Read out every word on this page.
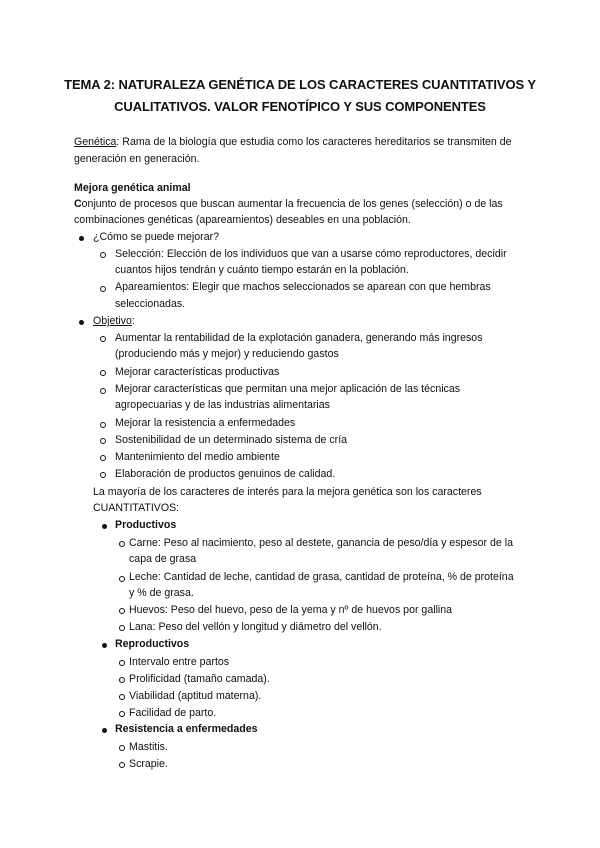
TEMA 2: NATURALEZA GENÉTICA DE LOS CARACTERES CUANTITATIVOS Y
CUALITATIVOS. VALOR FENOTÍPICO Y SUS COMPONENTES
Genética: Rama de la biología que estudia como los caracteres hereditarios se transmiten de
generación en generación.
Mejora genética animal
Conjunto de procesos que buscan aumentar la frecuencia de los genes (selección) o de las
combinaciones genéticas (apareamientos) deseables en una población.
¿Cómo se puede mejorar?
Selección: Elección de los individuos que van a usarse cómo reproductores, decidir
cuantos hijos tendrán y cuánto tiempo estarán en la población.
Apareamientos: Elegir que machos seleccionados se aparean con que hembras
seleccionadas.
Objetivo:
Aumentar la rentabilidad de la explotación ganadera, generando más ingresos
(produciendo más y mejor) y reduciendo gastos
Mejorar características productivas
Mejorar características que permitan una mejor aplicación de las técnicas
agropecuarias y de las industrias alimentarias
Mejorar la resistencia a enfermedades
Sostenibilidad de un determinado sistema de cría
Mantenimiento del medio ambiente
Elaboración de productos genuinos de calidad.
La mayoría de los caracteres de interés para la mejora genética son los caracteres
CUANTITATIVOS:
Productivos
Carne: Peso al nacimiento, peso al destete, ganancia de peso/día y espesor de la
capa de grasa
Leche: Cantidad de leche, cantidad de grasa, cantidad de proteína, % de proteína
y % de grasa.
Huevos: Peso del huevo, peso de la yema y nº de huevos por gallina
Lana: Peso del vellón y longitud y diámetro del vellón.
Reproductivos
Intervalo entre partos
Prolificidad (tamaño camada).
Viabilidad (aptitud materna).
Facilidad de parto.
Resistencia a enfermedades
Mastitis.
Scrapie.
